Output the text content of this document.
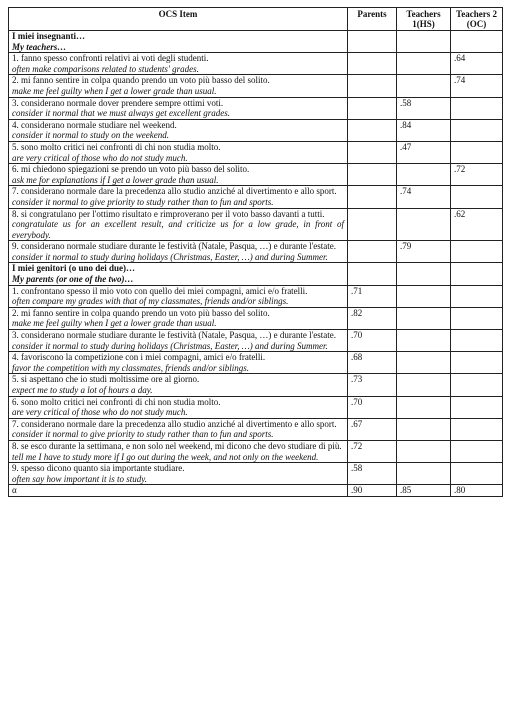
OCS Item	Parents	Teachers 1(HS)	Teachers 2 (OC)

I miei insegnanti…
My teachers…			

1. fanno spesso confronti relativi ai voti degli studenti.
often make comparisons related to students' grades.			.64

2. mi fanno sentire in colpa quando prendo un voto più basso del solito.
make me feel guilty when I get a lower grade than usual.			.74

3. considerano normale dover prendere sempre ottimi voti.
consider it normal that we must always get excellent grades.		.58	

4. considerano normale studiare nel weekend.
consider it normal to study on the weekend.		.84	

5. sono molto critici nei confronti di chi non studia molto.
are very critical of those who do not study much.		.47	

6. mi chiedono spiegazioni se prendo un voto più basso del solito.
ask me for explanations if I get a lower grade than usual.			.72

7. considerano normale dare la precedenza allo studio anziché al divertimento e allo sport.
consider it normal to give priority to study rather than to fun and sports.		.74	

8. si congratulano per l'ottimo risultato e rimproverano per il voto basso davanti a tutti.
congratulate us for an excellent result, and criticize us for a low grade, in front of everybody.			.62

9. considerano normale studiare durante le festività (Natale, Pasqua, …) e durante l'estate.
consider it normal to study during holidays (Christmas, Easter, …) and during Summer.		.79	

I miei genitori (o uno dei due)…
My parents (or one of the two)…			

1. confrontano spesso il mio voto con quello dei miei compagni, amici e/o fratelli.
often compare my grades with that of my classmates, friends and/or siblings.	.71		

2. mi fanno sentire in colpa quando prendo un voto più basso del solito.
make me feel guilty when I get a lower grade than usual.	.82		

3. considerano normale studiare durante le festività (Natale, Pasqua, …) e durante l'estate.
consider it normal to study during holidays (Christmas, Easter, …) and during Summer.	.70		

4. favoriscono la competizione con i miei compagni, amici e/o fratelli.
favor the competition with my classmates, friends and/or siblings.	.68		

5. si aspettano che io studi moltissime ore al giorno.
expect me to study a lot of hours a day.	.73		

6. sono molto critici nei confronti di chi non studia molto.
are very critical of those who do not study much.	.70		

7. considerano normale dare la precedenza allo studio anziché al divertimento e allo sport.
consider it normal to give priority to study rather than to fun and sports.	.67		

8. se esco durante la settimana, e non solo nel weekend, mi dicono che devo studiare di più.
tell me I have to study more if I go out during the week, and not only on the weekend.	.72		

9. spesso dicono quanto sia importante studiare.
often say how important it is to study.	.58		
α	.90	.85	.80
